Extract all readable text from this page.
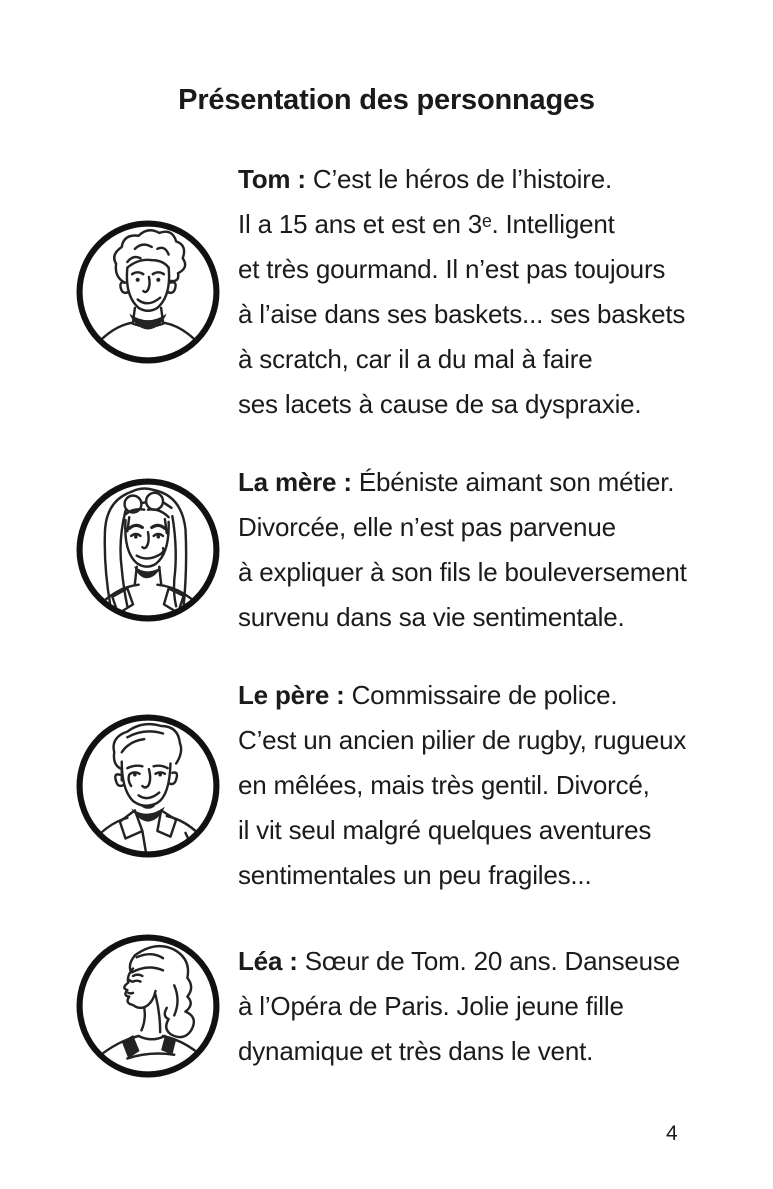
Présentation des personnages
Tom : C’est le héros de l’histoire.
Il a 15 ans et est en 3ᵉ. Intelligent
et très gourmand. Il n’est pas toujours
à l’aise dans ses baskets... ses baskets
à scratch, car il a du mal à faire
ses lacets à cause de sa dyspraxie.
La mère : Ébéniste aimant son métier.
Divorcée, elle n’est pas parvenue
à expliquer à son fils le bouleversement
survenu dans sa vie sentimentale.
Le père : Commissaire de police.
C’est un ancien pilier de rugby, rugueux
en mêlées, mais très gentil. Divorcé,
il vit seul malgré quelques aventures
sentimentales un peu fragiles...
Léa : Sœur de Tom. 20 ans. Danseuse
à l’Opéra de Paris. Jolie jeune fille
dynamique et très dans le vent.
4
